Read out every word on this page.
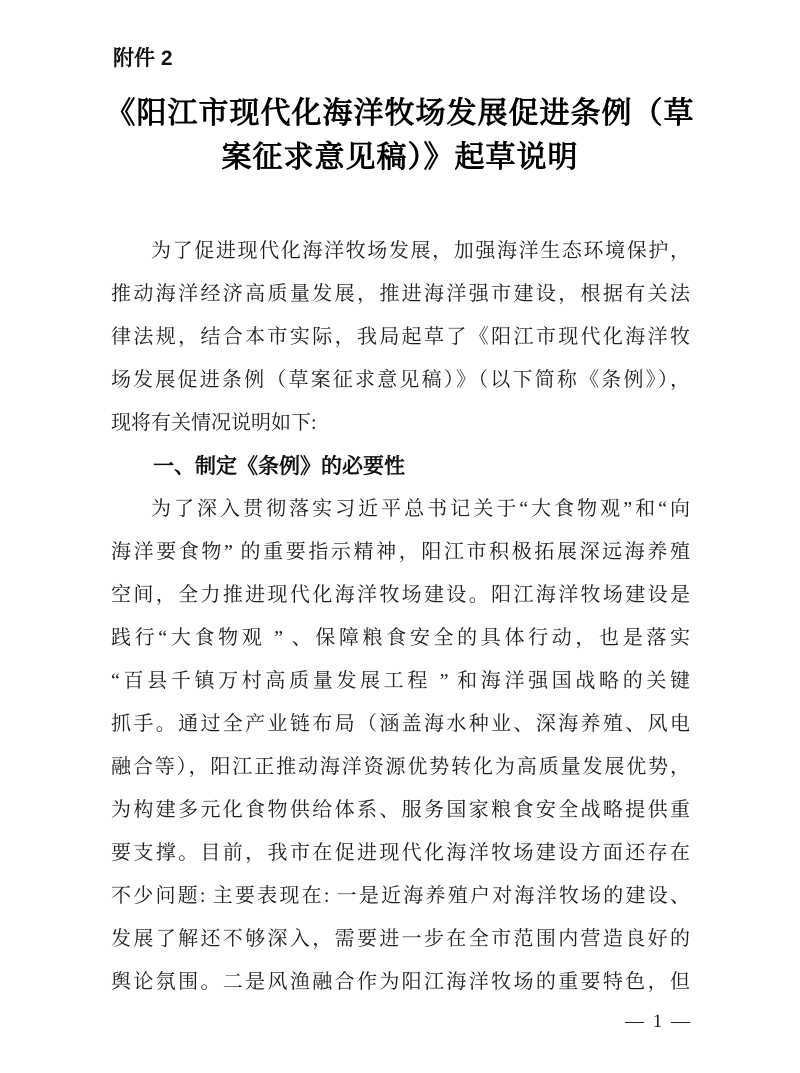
附件 2
《阳江市现代化海洋牧场发展促进条例（草
案征求意见稿）》起草说明
为了促进现代化海洋牧场发展，加强海洋生态环境保护，
推动海洋经济高质量发展，推进海洋强市建设，根据有关法
律法规，结合本市实际，我局起草了《阳江市现代化海洋牧
场发展促进条例（草案征求意见稿）》（以下简称《条例》），
现将有关情况说明如下:
一、制定《条例》的必要性
为了深入贯彻落实习近平总书记关于“大食物观”和“向
海洋要食物” 的重要指示精神，阳江市积极拓展深远海养殖
空间，全力推进现代化海洋牧场建设。阳江海洋牧场建设是
践行“大食物观 ” 、保障粮食安全的具体行动，也是落实
“百县千镇万村高质量发展工程 ” 和海洋强国战略的关键
抓手。通过全产业链布局（涵盖海水种业、深海养殖、风电
融合等），阳江正推动海洋资源优势转化为高质量发展优势，
为构建多元化食物供给体系、服务国家粮食安全战略提供重
要支撑。目前，我市在促进现代化海洋牧场建设方面还存在
不少问题: 主要表现在: 一是近海养殖户对海洋牧场的建设、
发展了解还不够深入，需要进一步在全市范围内营造良好的
舆论氛围。二是风渔融合作为阳江海洋牧场的重要特色，但
— 1 —
